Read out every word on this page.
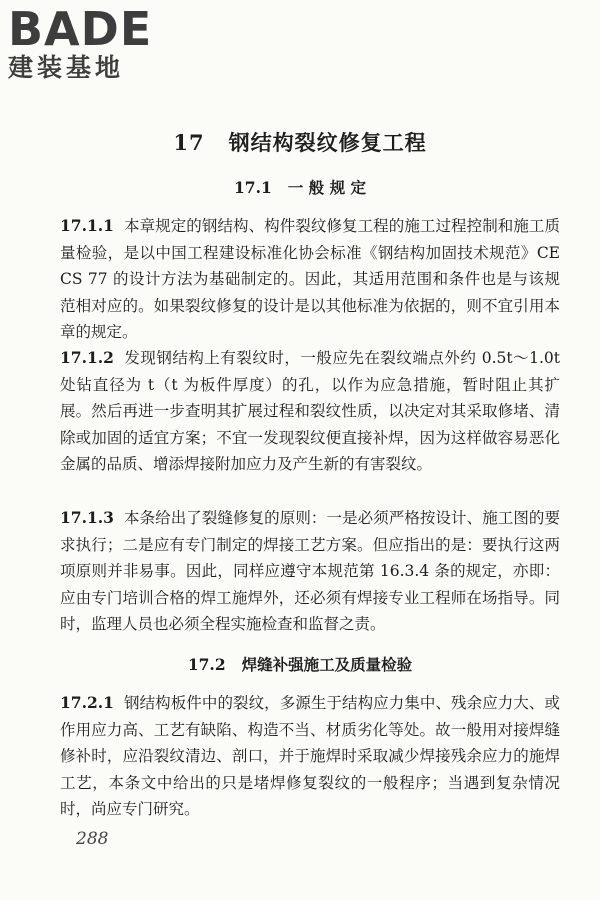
BADE
建装基地
17 钢结构裂纹修复工程
17.1 一 般 规 定
17.1.1 本章规定的钢结构、构件裂纹修复工程的施工过程控制和施工质量检验，是以中国工程建设标准化协会标准《钢结构加固技术规范》CECS 77 的设计方法为基础制定的。因此，其适用范围和条件也是与该规范相对应的。如果裂纹修复的设计是以其他标准为依据的，则不宜引用本章的规定。
17.1.2 发现钢结构上有裂纹时，一般应先在裂纹端点外约 0.5t～1.0t 处钻直径为 t（t 为板件厚度）的孔，以作为应急措施，暂时阻止其扩展。然后再进一步查明其扩展过程和裂纹性质，以决定对其采取修堵、清除或加固的适宜方案；不宜一发现裂纹便直接补焊，因为这样做容易恶化金属的品质、增添焊接附加应力及产生新的有害裂纹。
17.1.3 本条给出了裂缝修复的原则：一是必须严格按设计、施工图的要求执行；二是应有专门制定的焊接工艺方案。但应指出的是：要执行这两项原则并非易事。因此，同样应遵守本规范第 16.3.4 条的规定，亦即：应由专门培训合格的焊工施焊外，还必须有焊接专业工程师在场指导。同时，监理人员也必须全程实施检查和监督之责。
17.2 焊缝补强施工及质量检验
17.2.1 钢结构板件中的裂纹，多源生于结构应力集中、残余应力大、或作用应力高、工艺有缺陷、构造不当、材质劣化等处。故一般用对接焊缝修补时，应沿裂纹清边、剖口，并于施焊时采取减少焊接残余应力的施焊工艺，本条文中给出的只是堵焊修复裂纹的一般程序；当遇到复杂情况时，尚应专门研究。
288
